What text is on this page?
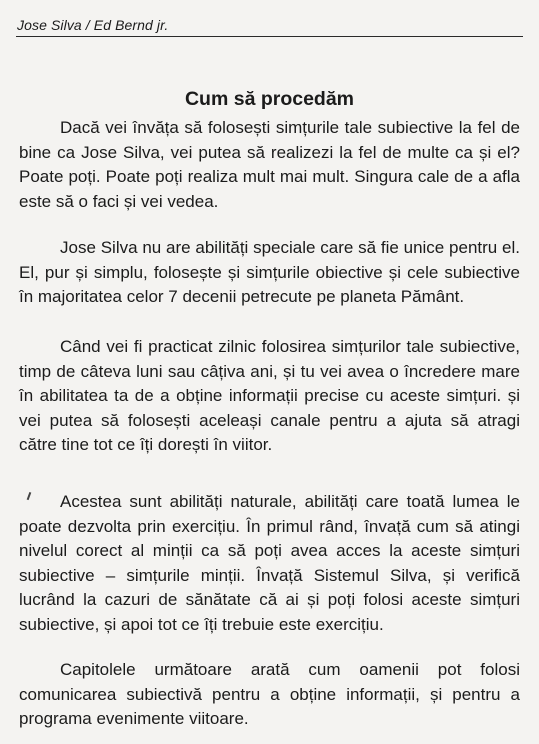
Jose Silva / Ed Bernd jr.
Cum să procedăm

Dacă vei învăța să folosești simțurile tale subiective la fel de bine ca Jose Silva, vei putea să realizezi la fel de multe ca și el? Poate poți. Poate poți realiza mult mai mult. Singura cale de a afla este să o faci și vei vedea.

Jose Silva nu are abilități speciale care să fie unice pentru el. El, pur și simplu, folosește și simțurile obiective și cele subiective în majoritatea celor 7 decenii petrecute pe planeta Pământ.

Când vei fi practicat zilnic folosirea simțurilor tale subiective, timp de câteva luni sau câțiva ani, și tu vei avea o încredere mare în abilitatea ta de a obține informații precise cu aceste simțuri. și vei putea să folosești aceleași canale pentru a ajuta să atragi către tine tot ce îți dorești în viitor.

Acestea sunt abilități naturale, abilități care toată lumea le poate dezvolta prin exercițiu. În primul rând, învață cum să atingi nivelul corect al minții ca să poți avea acces la aceste simțuri subiective – simțurile minții. Învață Sistemul Silva, și verifică lucrând la cazuri de sănătate că ai și poți folosi aceste simțuri subiective, și apoi tot ce îți trebuie este exercițiu.

Capitolele următoare arată cum oamenii pot folosi comunicarea subiectivă pentru a obține informații, și pentru a programa evenimente viitoare.
